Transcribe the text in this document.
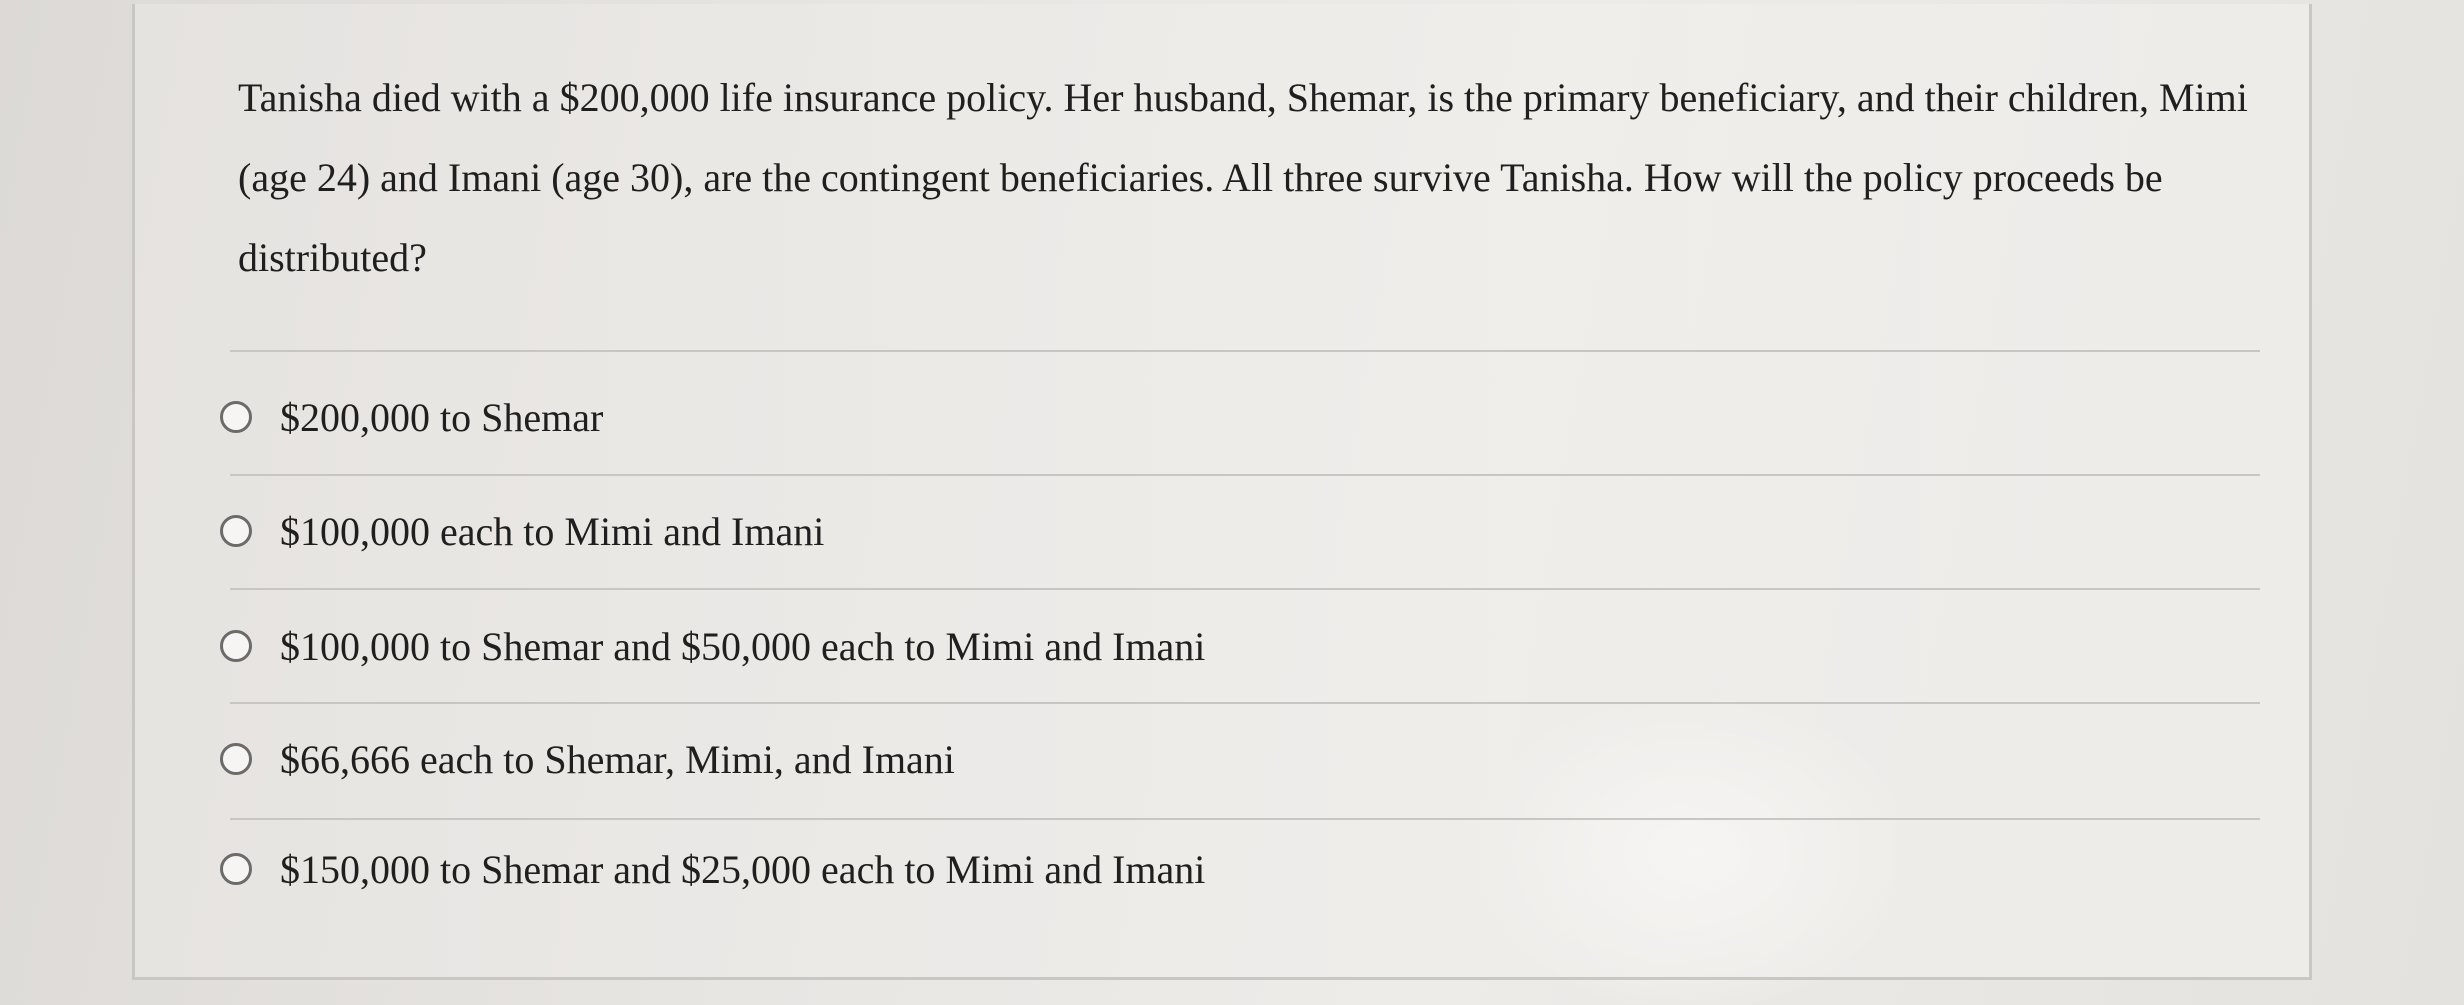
Tanisha died with a $200,000 life insurance policy. Her husband, Shemar, is the primary beneficiary, and their children, Mimi (age 24) and Imani (age 30), are the contingent beneficiaries. All three survive Tanisha. How will the policy proceeds be distributed?

$200,000 to Shemar
$100,000 each to Mimi and Imani
$100,000 to Shemar and $50,000 each to Mimi and Imani
$66,666 each to Shemar, Mimi, and Imani
$150,000 to Shemar and $25,000 each to Mimi and Imani
